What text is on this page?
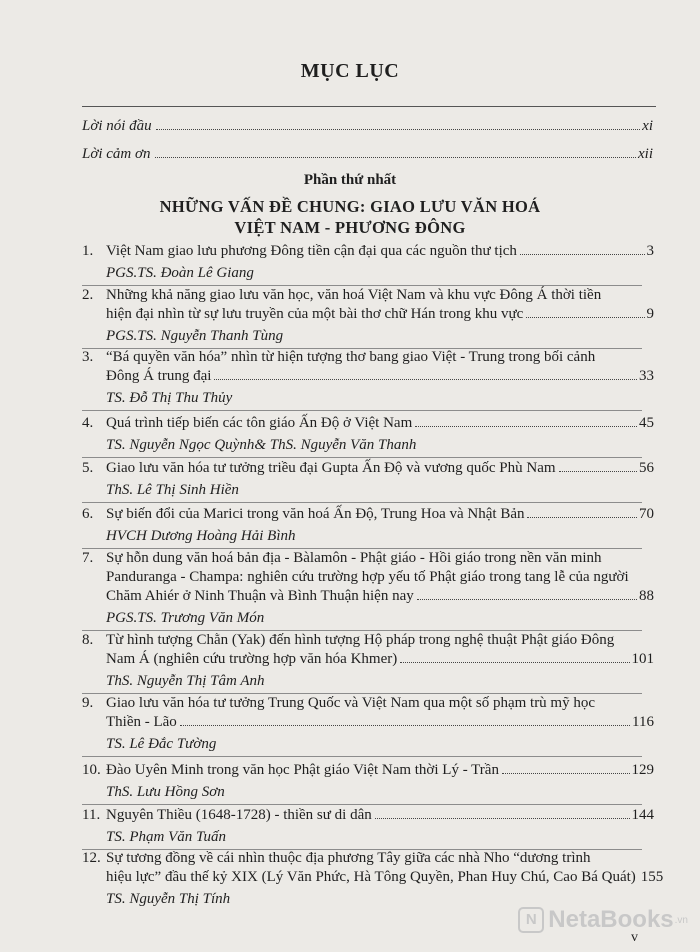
MỤC LỤC
Lời nói đầu	xi
Lời cảm ơn	xii
Phần thứ nhất
NHỮNG VẤN ĐỀ CHUNG: GIAO LƯU VĂN HOÁ
VIỆT NAM - PHƯƠNG ĐÔNG
1. Việt Nam giao lưu phương Đông tiền cận đại qua các nguồn thư tịch	3
PGS.TS. Đoàn Lê Giang
2. Những khả năng giao lưu văn học, văn hoá Việt Nam và khu vực Đông Á thời tiền
hiện đại nhìn từ sự lưu truyền của một bài thơ chữ Hán trong khu vực	9
PGS.TS. Nguyễn Thanh Tùng
3. “Bá quyền văn hóa” nhìn từ hiện tượng thơ bang giao Việt - Trung trong bối cảnh
Đông Á trung đại	33
TS. Đỗ Thị Thu Thủy
4. Quá trình tiếp biến các tôn giáo Ấn Độ ở Việt Nam	45
TS. Nguyễn Ngọc Quỳnh& ThS. Nguyễn Văn Thanh
5. Giao lưu văn hóa tư tưởng triều đại Gupta Ấn Độ và vương quốc Phù Nam	56
ThS. Lê Thị Sinh Hiền
6. Sự biến đổi của Marici trong văn hoá Ấn Độ, Trung Hoa và Nhật Bản	70
HVCH Dương Hoàng Hải Bình
7. Sự hỗn dung văn hoá bản địa - Bàlamôn - Phật giáo - Hồi giáo trong nền văn minh
Panduranga - Champa: nghiên cứu trường hợp yếu tố Phật giáo trong tang lễ của người
Chăm Ahiér ở Ninh Thuận và Bình Thuận hiện nay	88
PGS.TS. Trương Văn Món
8. Từ hình tượng Chằn (Yak) đến hình tượng Hộ pháp trong nghệ thuật Phật giáo Đông
Nam Á (nghiên cứu trường hợp văn hóa Khmer)	101
ThS. Nguyễn Thị Tâm Anh
9. Giao lưu văn hóa tư tưởng Trung Quốc và Việt Nam qua một số phạm trù mỹ học
Thiền - Lão	116
TS. Lê Đắc Tường
10. Đào Uyên Minh trong văn học Phật giáo Việt Nam thời Lý - Trần	129
ThS. Lưu Hồng Sơn
11. Nguyên Thiều (1648-1728) - thiền sư di dân	144
TS. Phạm Văn Tuấn
12. Sự tương đồng về cái nhìn thuộc địa phương Tây giữa các nhà Nho “dương trình
hiệu lực” đầu thế kỷ XIX (Lý Văn Phức, Hà Tông Quyền, Phan Huy Chú, Cao Bá Quát) 155
TS. Nguyễn Thị Tính
N NetaBooks .vn
v
